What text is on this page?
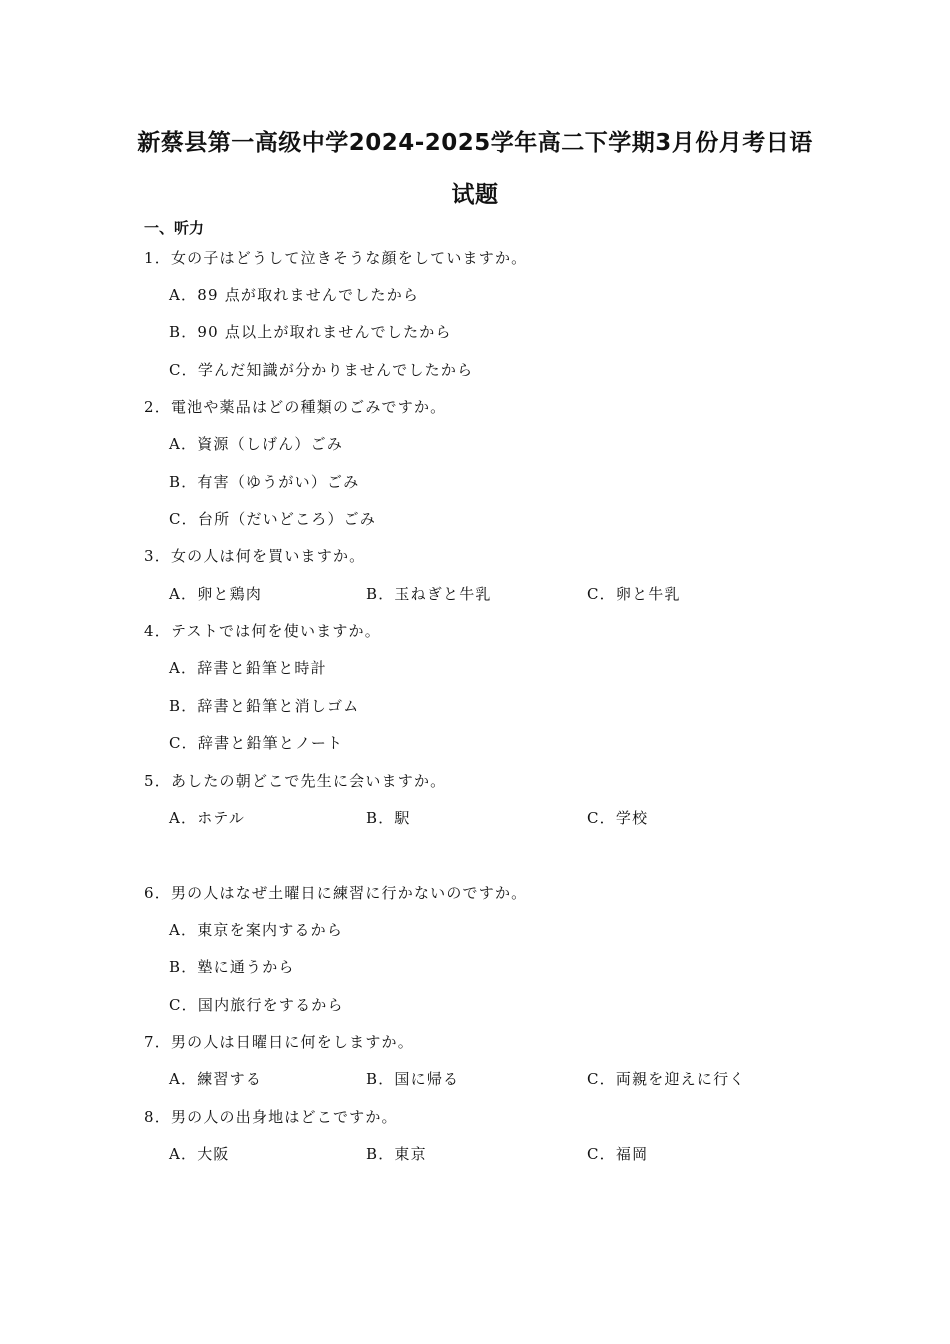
新蔡县第一高级中学2024-2025学年高二下学期3月份月考日语
试题
一、听力
1．女の子はどうして泣きそうな顔をしていますか。
A．89 点が取れませんでしたから
B．90 点以上が取れませんでしたから
C．学んだ知識が分かりませんでしたから
2．電池や薬品はどの種類のごみですか。
A．資源（しげん）ごみ
B．有害（ゆうがい）ごみ
C．台所（だいどころ）ごみ
3．女の人は何を買いますか。
A．卵と鶏肉	B．玉ねぎと牛乳	C．卵と牛乳
4．テストでは何を使いますか。
A．辞書と鉛筆と時計
B．辞書と鉛筆と消しゴム
C．辞書と鉛筆とノート
5．あしたの朝どこで先生に会いますか。
A．ホテル	B．駅	C．学校
6．男の人はなぜ土曜日に練習に行かないのですか。
A．東京を案内するから
B．塾に通うから
C．国内旅行をするから
7．男の人は日曜日に何をしますか。
A．練習する	B．国に帰る	C．両親を迎えに行く
8．男の人の出身地はどこですか。
A．大阪	B．東京	C．福岡
